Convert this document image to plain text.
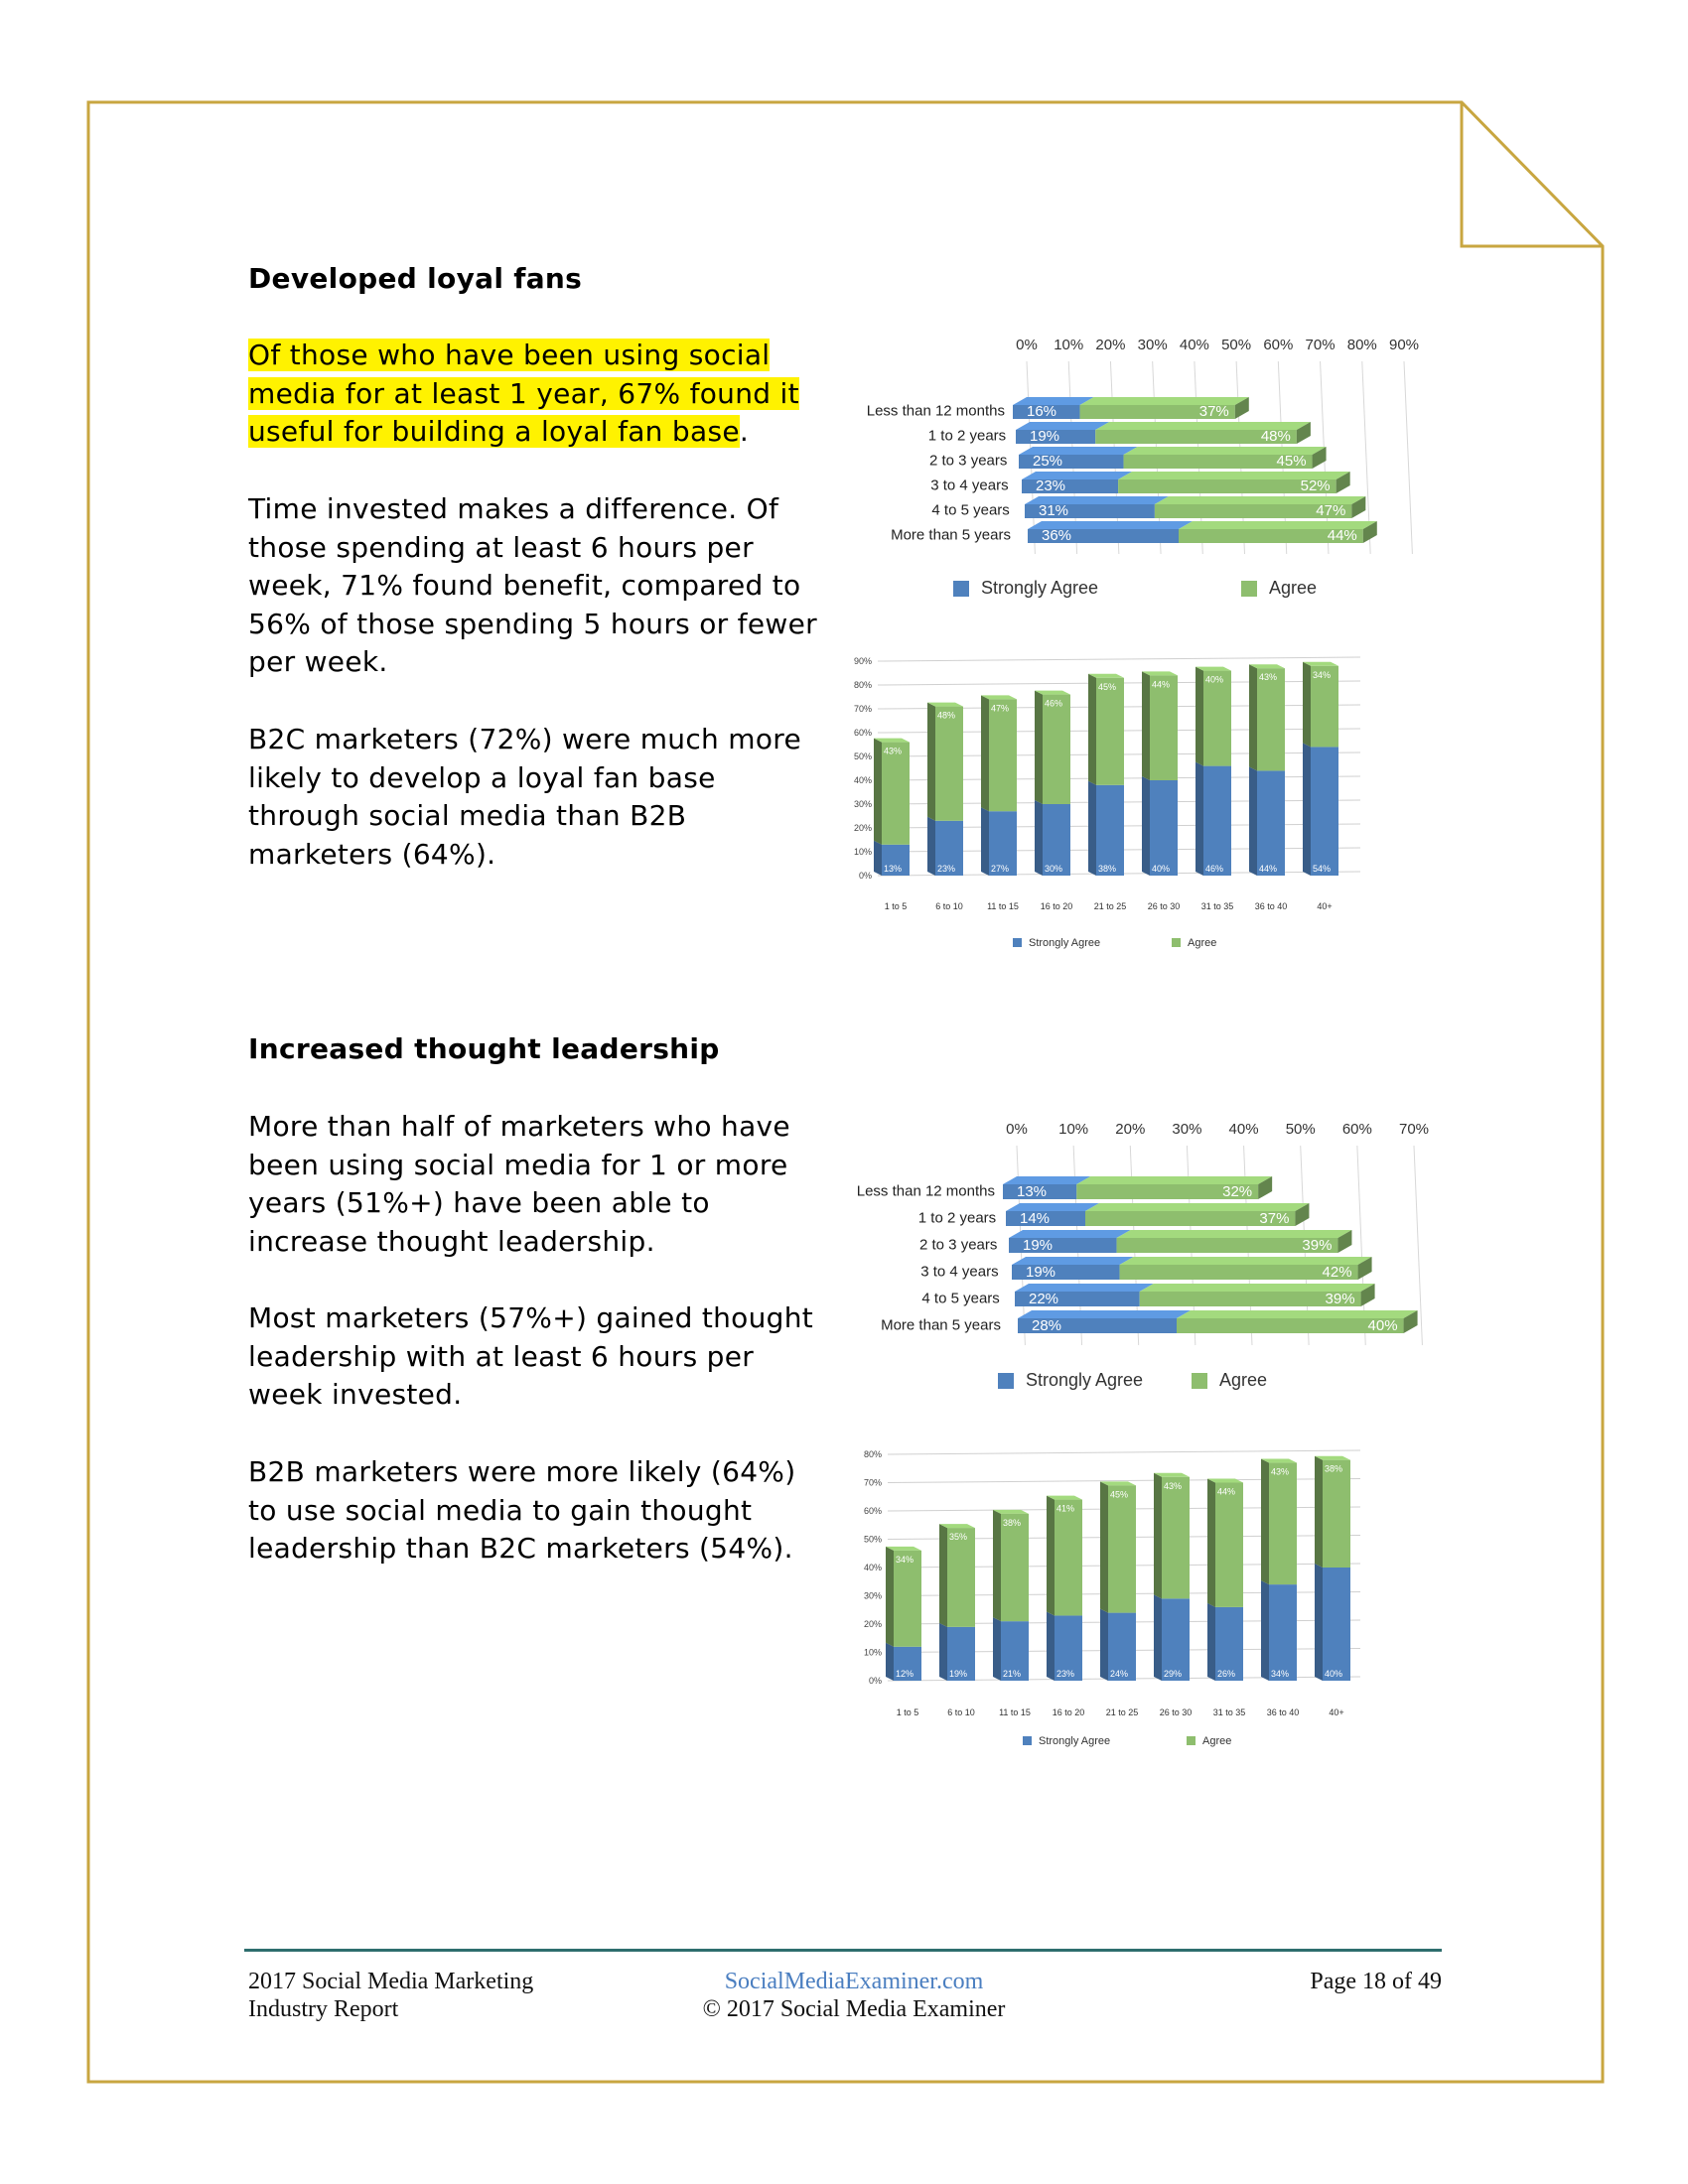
Developed loyal fans
Of those who have been using social media for at least 1 year, 67% found it useful for building a loyal fan base.
Time invested makes a difference. Of those spending at least 6 hours per week, 71% found benefit, compared to 56% of those spending 5 hours or fewer per week.
B2C marketers (72%) were much more likely to develop a loyal fan base through social media than B2B marketers (64%).
Increased thought leadership
More than half of marketers who have been using social media for 1 or more years (51%+) have been able to increase thought leadership.
Most marketers (57%+) gained thought leadership with at least 6 hours per week invested.
B2B marketers were more likely (64%) to use social media to gain thought leadership than B2C marketers (54%).
0% 10% 20% 30% 40% 50% 60% 70% 80% 90%
Less than 12 months 16%	37%
1 to 2 years 19%	48%
2 to 3 years 25%	45%
3 to 4 years 23%	52%
4 to 5 years 31%	47%
More than 5 years 36%	44%
Strongly Agree	Agree
0%
10%
20%
30%
40%
50%
60%
70%
80%
90%
13%
43%
1 to 5
23%
48%
6 to 10
27%
47%
11 to 15
30%
46%
16 to 20
38%
45%
21 to 25
40%
44%
26 to 30
46%
40%
31 to 35
44%
43%
36 to 40
54%
34%
40+
Strongly Agree	Agree
0% 10% 20% 30% 40% 50% 60% 70%
Less than 12 months 13%	32%
1 to 2 years 14%	37%
2 to 3 years 19%	39%
3 to 4 years 19%	42%
4 to 5 years 22%	39%
More than 5 years 28%	40%
Strongly Agree	Agree
0%
10%
20%
30%
40%
50%
60%
70%
80%
12%
34%
1 to 5
19%
35%
6 to 10
21%
38%
11 to 15
23%
41%
16 to 20
24%
45%
21 to 25
29%
43%
26 to 30
26%
44%
31 to 35
34%
43%
36 to 40
40%
38%
40+
Strongly Agree	Agree
2017 Social Media Marketing
Industry Report
SocialMediaExaminer.com
© 2017 Social Media Examiner
Page 18 of 49
